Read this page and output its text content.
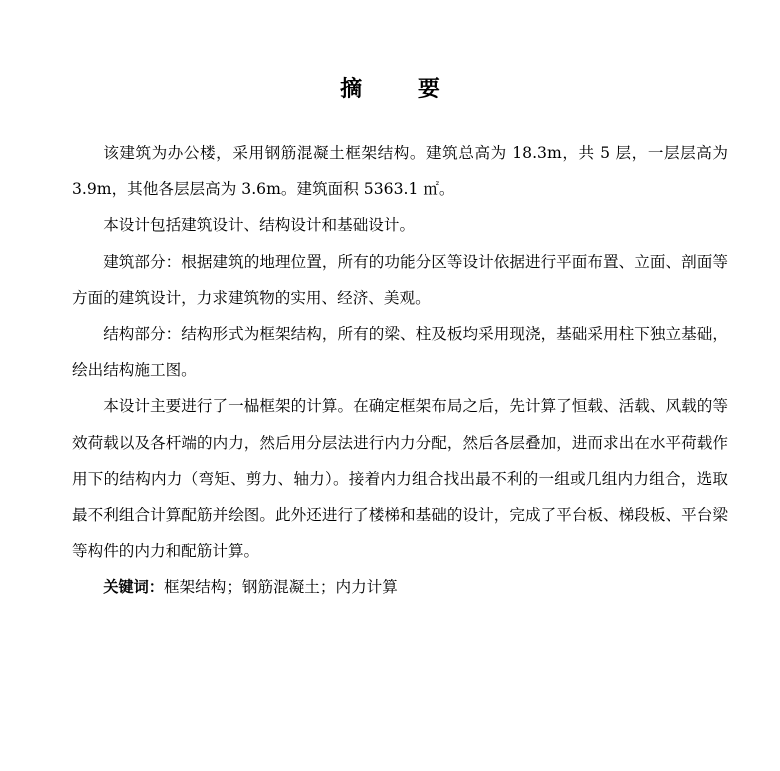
摘 要

该建筑为办公楼，采用钢筋混凝土框架结构。建筑总高为 18.3m，共 5 层，一层层高为 3.9m，其他各层层高为 3.6m。建筑面积 5363.1 ㎡。

本设计包括建筑设计、结构设计和基础设计。

建筑部分：根据建筑的地理位置，所有的功能分区等设计依据进行平面布置、立面、剖面等方面的建筑设计，力求建筑物的实用、经济、美观。

结构部分：结构形式为框架结构，所有的梁、柱及板均采用现浇，基础采用柱下独立基础，绘出结构施工图。

本设计主要进行了一榀框架的计算。在确定框架布局之后，先计算了恒载、活载、风载的等效荷载以及各杆端的内力，然后用分层法进行内力分配，然后各层叠加，进而求出在水平荷载作用下的结构内力（弯矩、剪力、轴力）。接着内力组合找出最不利的一组或几组内力组合，选取最不利组合计算配筋并绘图。此外还进行了楼梯和基础的设计，完成了平台板、梯段板、平台梁等构件的内力和配筋计算。

关键词：框架结构；钢筋混凝土；内力计算
